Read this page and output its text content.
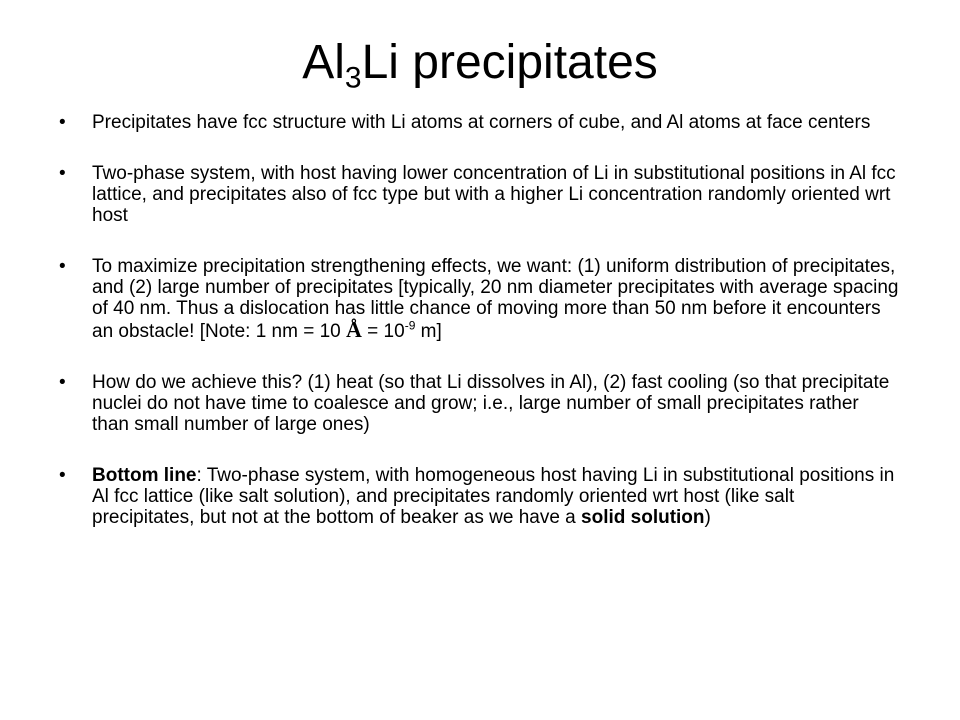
$Al_3Li$ precipitates
• Precipitates have fcc structure with Li atoms at corners of cube, and Al atoms at face centers
• Two-phase system, with host having lower concentration of Li in substitutional positions in Al fcc lattice, and precipitates also of fcc type but with a higher Li concentration randomly oriented wrt host
• To maximize precipitation strengthening effects, we want: (1) uniform distribution of precipitates, and (2) large number of precipitates [typically, 20 nm diameter precipitates with average spacing of 40 nm. Thus a dislocation has little chance of moving more than 50 nm before it encounters an obstacle! [Note: 1 nm = 10 Å = $10^{-9}$ m]
• How do we achieve this? (1) heat (so that Li dissolves in Al), (2) fast cooling (so that precipitate nuclei do not have time to coalesce and grow; i.e., large number of small precipitates rather than small number of large ones)
• Bottom line: Two-phase system, with homogeneous host having Li in substitutional positions in Al fcc lattice (like salt solution), and precipitates randomly oriented wrt host (like salt precipitates, but not at the bottom of beaker as we have a solid solution)
